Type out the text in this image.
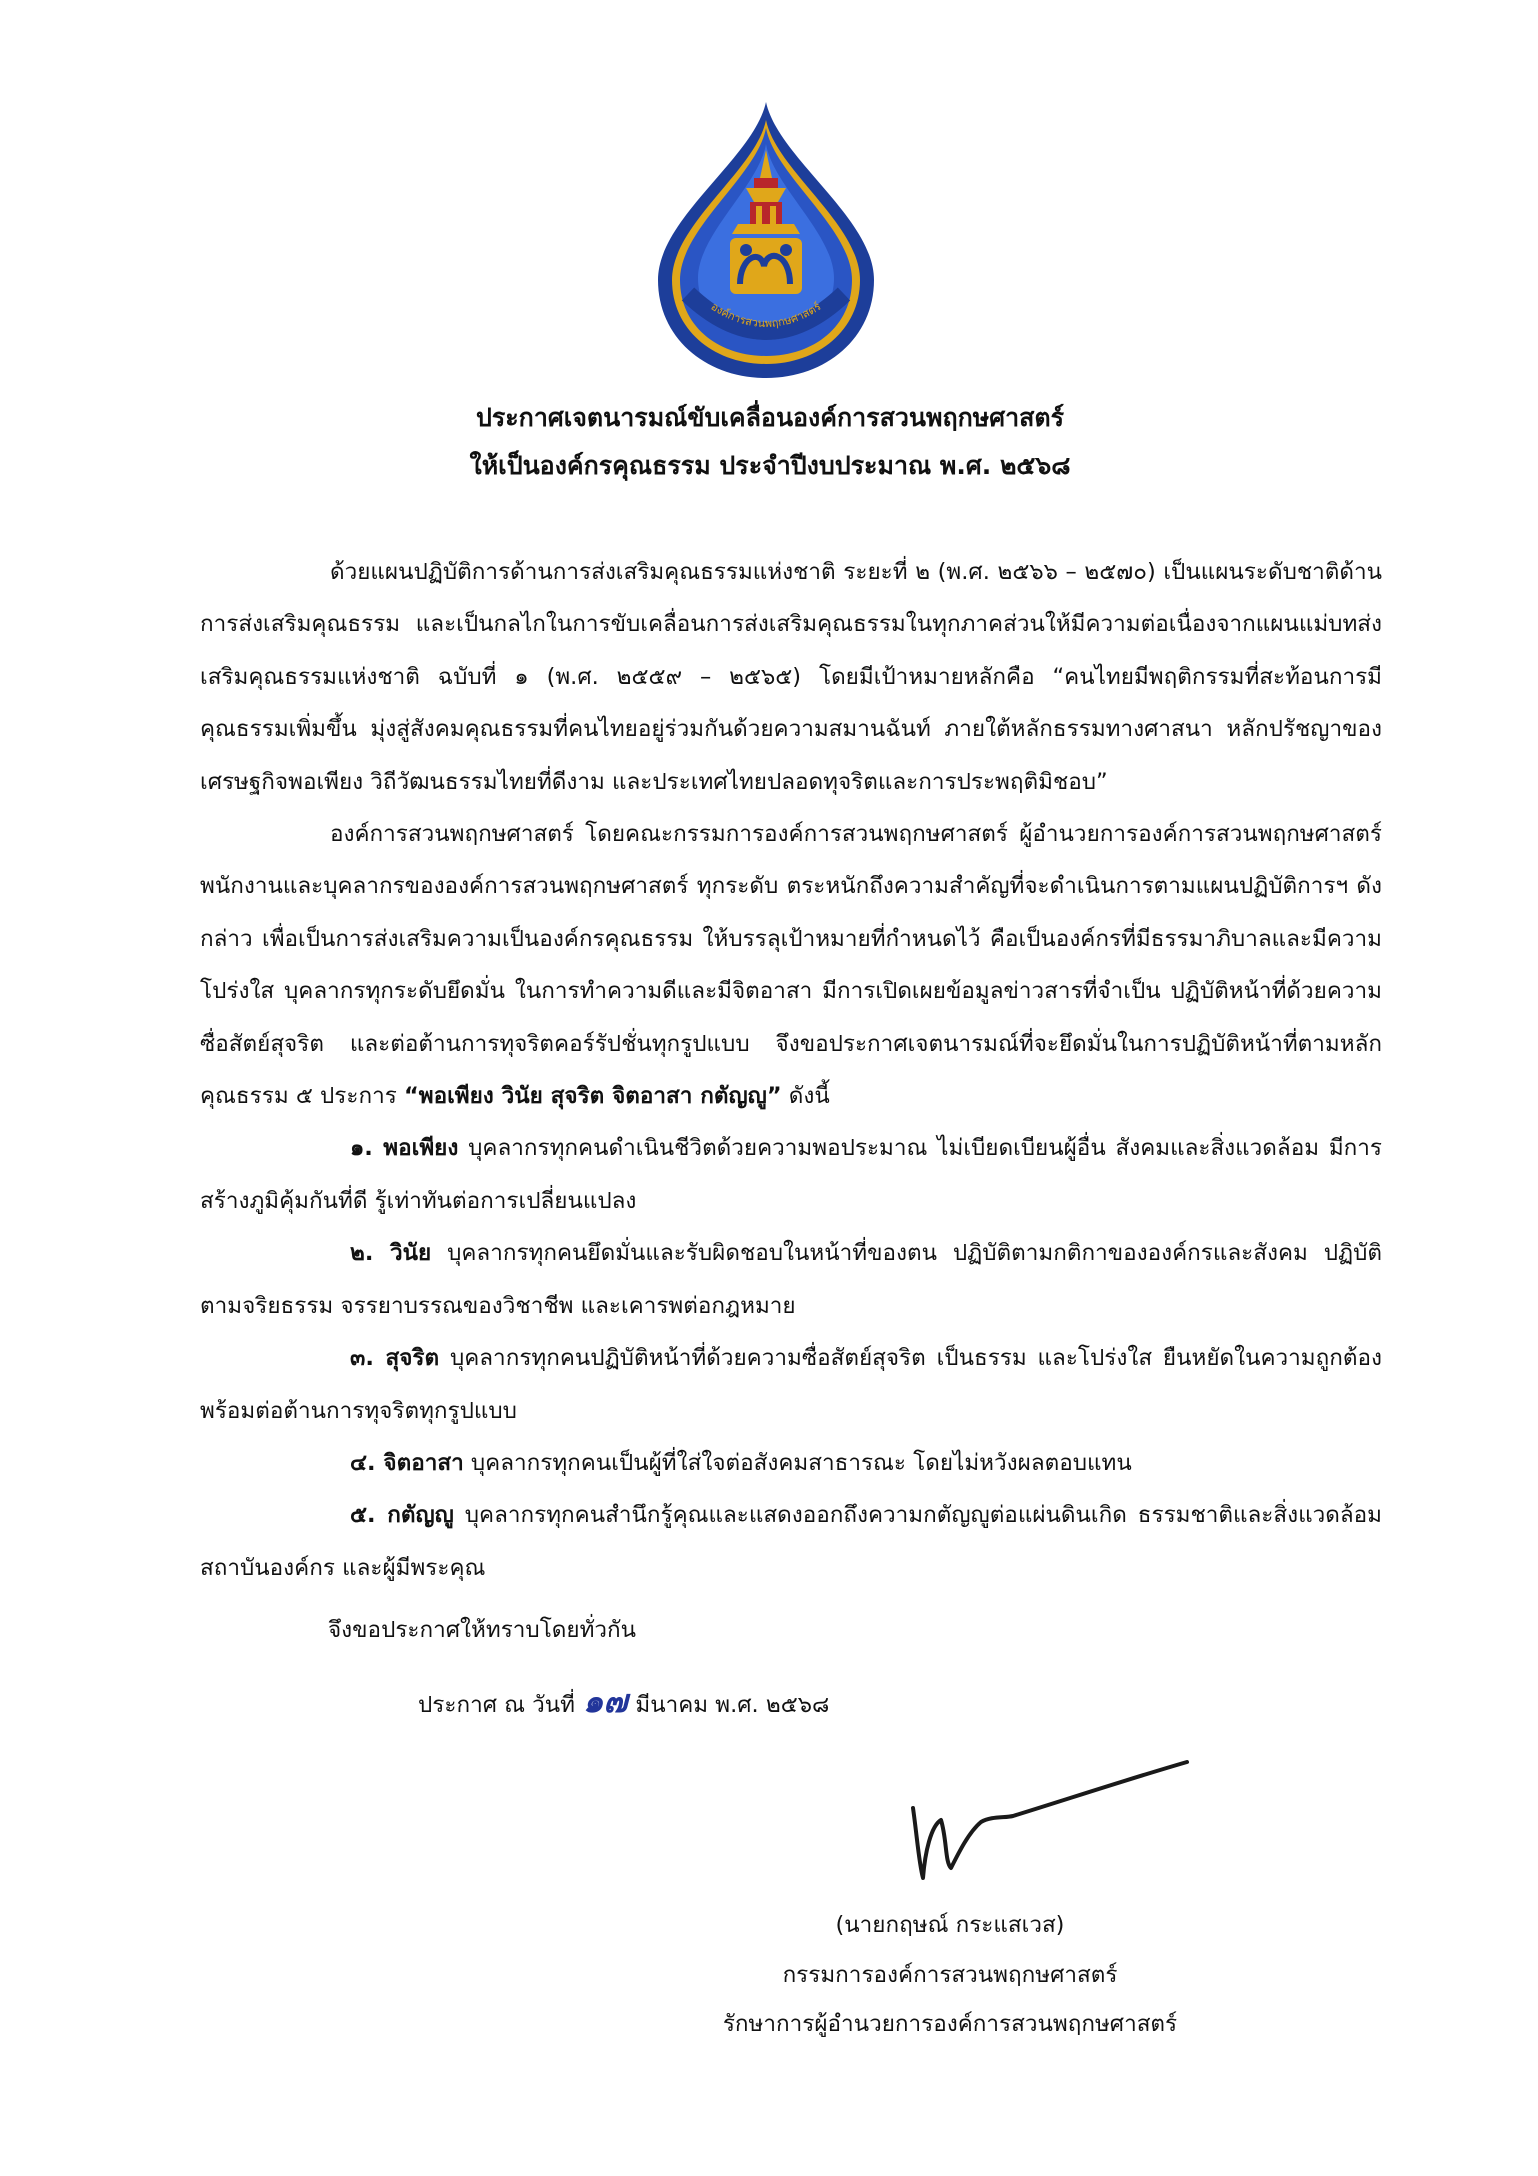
องค์การสวนพฤกษศาสตร์
ประกาศเจตนารมณ์ขับเคลื่อนองค์การสวนพฤกษศาสตร์
ให้เป็นองค์กรคุณธรรม ประจำปีงบประมาณ พ.ศ. ๒๕๖๘

ด้วยแผนปฏิบัติการด้านการส่งเสริมคุณธรรมแห่งชาติ ระยะที่ ๒ (พ.ศ. ๒๕๖๖ – ๒๕๗๐) เป็นแผนระดับชาติด้านการส่งเสริมคุณธรรม และเป็นกลไกในการขับเคลื่อนการส่งเสริมคุณธรรมในทุกภาคส่วนให้มีความต่อเนื่องจากแผนแม่บทส่งเสริมคุณธรรมแห่งชาติ ฉบับที่ ๑ (พ.ศ. ๒๕๕๙ – ๒๕๖๕) โดยมีเป้าหมายหลักคือ “คนไทยมีพฤติกรรมที่สะท้อนการมีคุณธรรมเพิ่มขึ้น มุ่งสู่สังคมคุณธรรมที่คนไทยอยู่ร่วมกันด้วยความสมานฉันท์ ภายใต้หลักธรรมทางศาสนา หลักปรัชญาของเศรษฐกิจพอเพียง วิถีวัฒนธรรมไทยที่ดีงาม และประเทศไทยปลอดทุจริตและการประพฤติมิชอบ”

องค์การสวนพฤกษศาสตร์ โดยคณะกรรมการองค์การสวนพฤกษศาสตร์ ผู้อำนวยการองค์การสวนพฤกษศาสตร์ พนักงานและบุคลากรขององค์การสวนพฤกษศาสตร์ ทุกระดับ ตระหนักถึงความสำคัญที่จะดำเนินการตามแผนปฏิบัติการฯ ดังกล่าว เพื่อเป็นการส่งเสริมความเป็นองค์กรคุณธรรม ให้บรรลุเป้าหมายที่กำหนดไว้ คือเป็นองค์กรที่มีธรรมาภิบาลและมีความโปร่งใส บุคลากรทุกระดับยึดมั่น ในการทำความดีและมีจิตอาสา มีการเปิดเผยข้อมูลข่าวสารที่จำเป็น ปฏิบัติหน้าที่ด้วยความซื่อสัตย์สุจริต และต่อต้านการทุจริตคอร์รัปชั่นทุกรูปแบบ จึงขอประกาศเจตนารมณ์ที่จะยึดมั่นในการปฏิบัติหน้าที่ตามหลักคุณธรรม ๕ ประการ “พอเพียง วินัย สุจริต จิตอาสา กตัญญู” ดังนี้

๑. พอเพียง บุคลากรทุกคนดำเนินชีวิตด้วยความพอประมาณ ไม่เบียดเบียนผู้อื่น สังคมและสิ่งแวดล้อม มีการสร้างภูมิคุ้มกันที่ดี รู้เท่าทันต่อการเปลี่ยนแปลง

๒. วินัย บุคลากรทุกคนยึดมั่นและรับผิดชอบในหน้าที่ของตน ปฏิบัติตามกติกาขององค์กรและสังคม ปฏิบัติตามจริยธรรม จรรยาบรรณของวิชาชีพ และเคารพต่อกฎหมาย

๓. สุจริต บุคลากรทุกคนปฏิบัติหน้าที่ด้วยความซื่อสัตย์สุจริต เป็นธรรม และโปร่งใส ยืนหยัดในความถูกต้อง พร้อมต่อต้านการทุจริตทุกรูปแบบ

๔. จิตอาสา บุคลากรทุกคนเป็นผู้ที่ใส่ใจต่อสังคมสาธารณะ โดยไม่หวังผลตอบแทน

๕. กตัญญู บุคลากรทุกคนสำนึกรู้คุณและแสดงออกถึงความกตัญญูต่อแผ่นดินเกิด ธรรมชาติและสิ่งแวดล้อม สถาบันองค์กร และผู้มีพระคุณ

จึงขอประกาศให้ทราบโดยทั่วกัน
ประกาศ ณ วันที่ ๑๗ มีนาคม พ.ศ. ๒๕๖๘
(นายกฤษณ์ กระแสเวส)
กรรมการองค์การสวนพฤกษศาสตร์
รักษาการผู้อำนวยการองค์การสวนพฤกษศาสตร์
